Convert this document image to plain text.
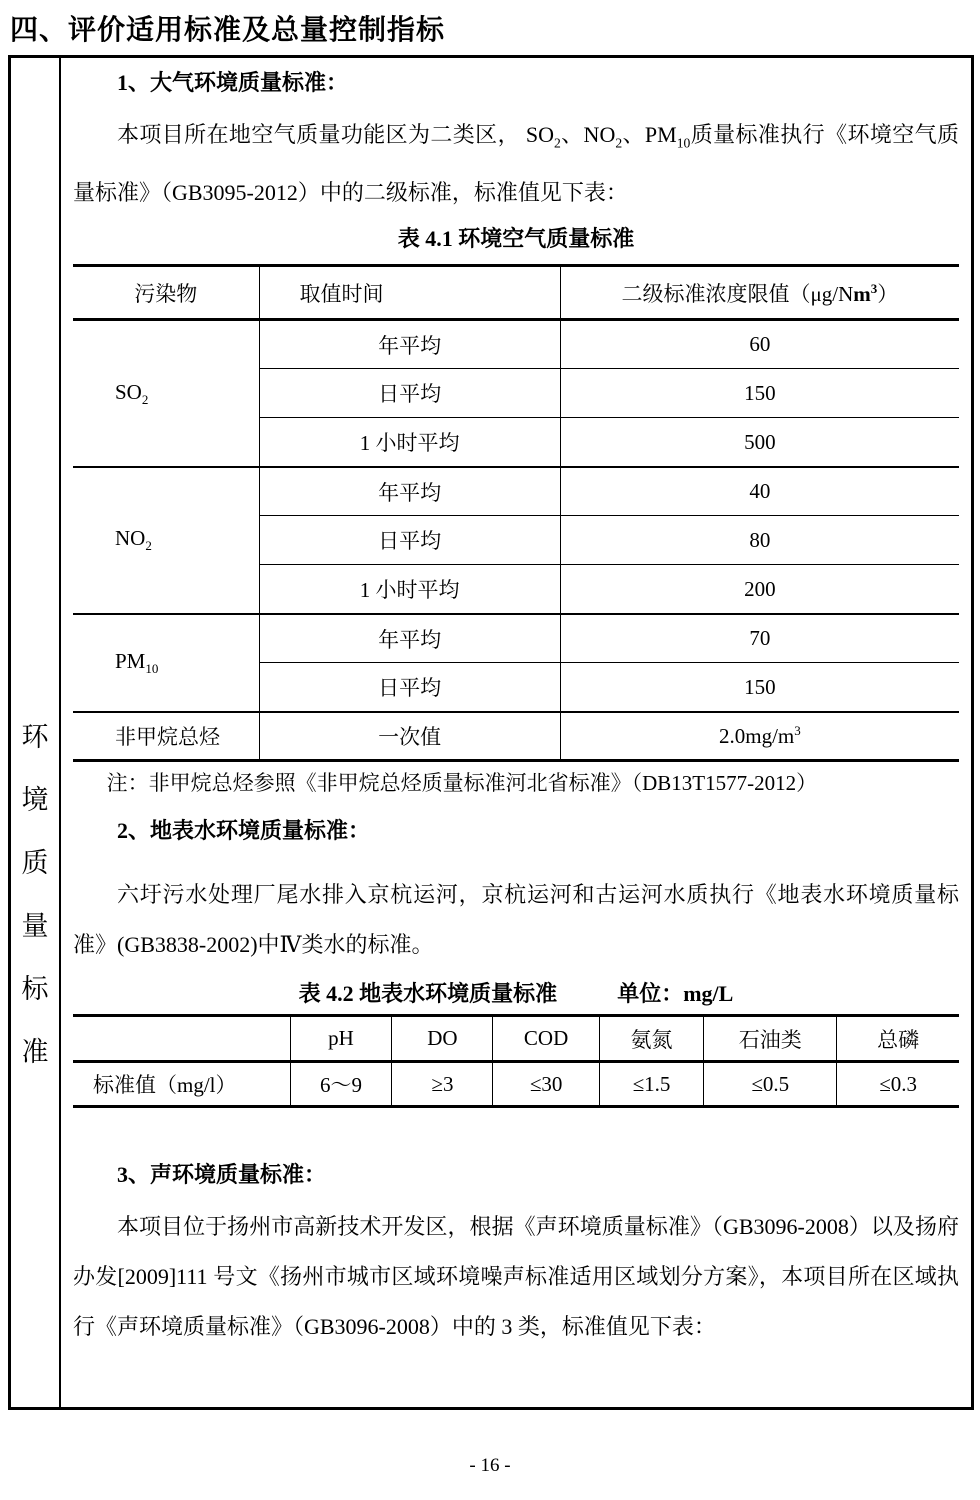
四、评价适用标准及总量控制指标
环
境
质
量
标
准
1、大气环境质量标准：

本项目所在地空气质量功能区为二类区， $SO_2$、$NO_2$、$PM_{10}$质量标准执行《环境空气质量标准》（GB3095-2012）中的二级标准，标准值见下表：

表 4.1 环境空气质量标准
污染物	取值时间	二级标准浓度限值（μg/Nm$^3$）
$SO_2$	年平均	60
	日平均	150
	1 小时平均	500
$NO_2$	年平均	40
	日平均	80
	1 小时平均	200
$PM_{10}$	年平均	70
	日平均	150
非甲烷总烃	一次值	$2.0mg/m^3$

注：非甲烷总烃参照《非甲烷总烃质量标准河北省标准》（DB13T1577-2012）

2、地表水环境质量标准：

六圩污水处理厂尾水排入京杭运河，京杭运河和古运河水质执行《地表水环境质量标准》(GB3838-2002)中Ⅳ类水的标准。

表 4.2 地表水环境质量标准	单位：mg/L
	pH	DO	COD	氨氮	石油类	总磷
标准值（mg/l）	6～9	≥3	≤30	≤1.5	≤0.5	≤0.3
3、声环境质量标准：

本项目位于扬州市高新技术开发区，根据《声环境质量标准》（GB3096-2008）以及扬府办发[2009]111 号文《扬州市城市区域环境噪声标准适用区域划分方案》，本项目所在区域执行《声环境质量标准》（GB3096-2008）中的 3 类，标准值见下表：

- 16 -
